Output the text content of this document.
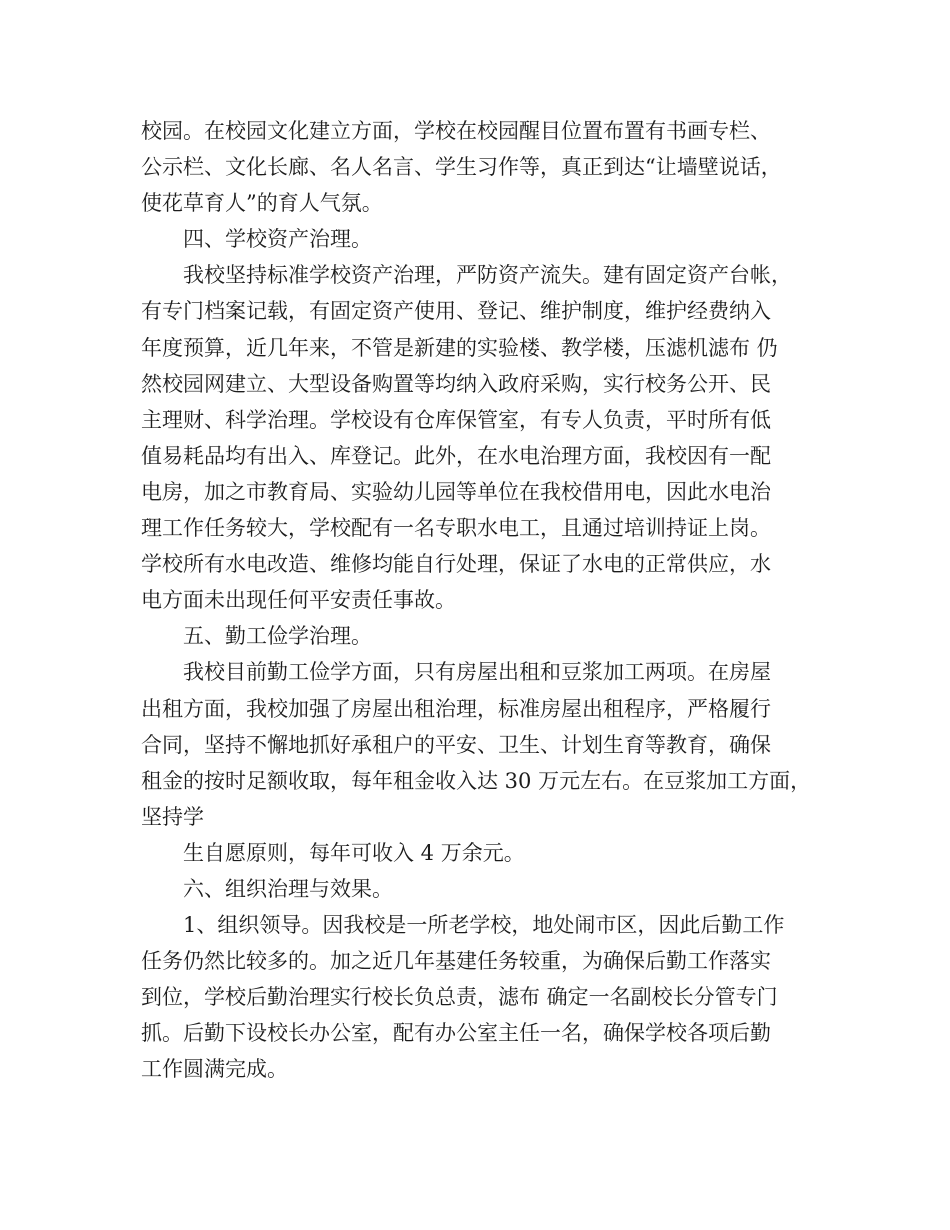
校园。在校园文化建立方面，学校在校园醒目位置布置有书画专栏、
公示栏、文化长廊、名人名言、学生习作等，真正到达“让墙壁说话，
使花草育人”的育人气氛。
四、学校资产治理。
我校坚持标准学校资产治理，严防资产流失。建有固定资产台帐，
有专门档案记载，有固定资产使用、登记、维护制度，维护经费纳入
年度预算，近几年来，不管是新建的实验楼、教学楼，压滤机滤布 仍
然校园网建立、大型设备购置等均纳入政府采购，实行校务公开、民
主理财、科学治理。学校设有仓库保管室，有专人负责，平时所有低
值易耗品均有出入、库登记。此外，在水电治理方面，我校因有一配
电房，加之市教育局、实验幼儿园等单位在我校借用电，因此水电治
理工作任务较大，学校配有一名专职水电工，且通过培训持证上岗。
学校所有水电改造、维修均能自行处理，保证了水电的正常供应，水
电方面未出现任何平安责任事故。
五、勤工俭学治理。
我校目前勤工俭学方面，只有房屋出租和豆浆加工两项。在房屋
出租方面，我校加强了房屋出租治理，标准房屋出租程序，严格履行
合同，坚持不懈地抓好承租户的平安、卫生、计划生育等教育，确保
租金的按时足额收取，每年租金收入达 30 万元左右。在豆浆加工方面，
坚持学
生自愿原则，每年可收入 4 万余元。
六、组织治理与效果。
1、组织领导。因我校是一所老学校，地处闹市区，因此后勤工作
任务仍然比较多的。加之近几年基建任务较重，为确保后勤工作落实
到位，学校后勤治理实行校长负总责，滤布 确定一名副校长分管专门
抓。后勤下设校长办公室，配有办公室主任一名，确保学校各项后勤
工作圆满完成。
